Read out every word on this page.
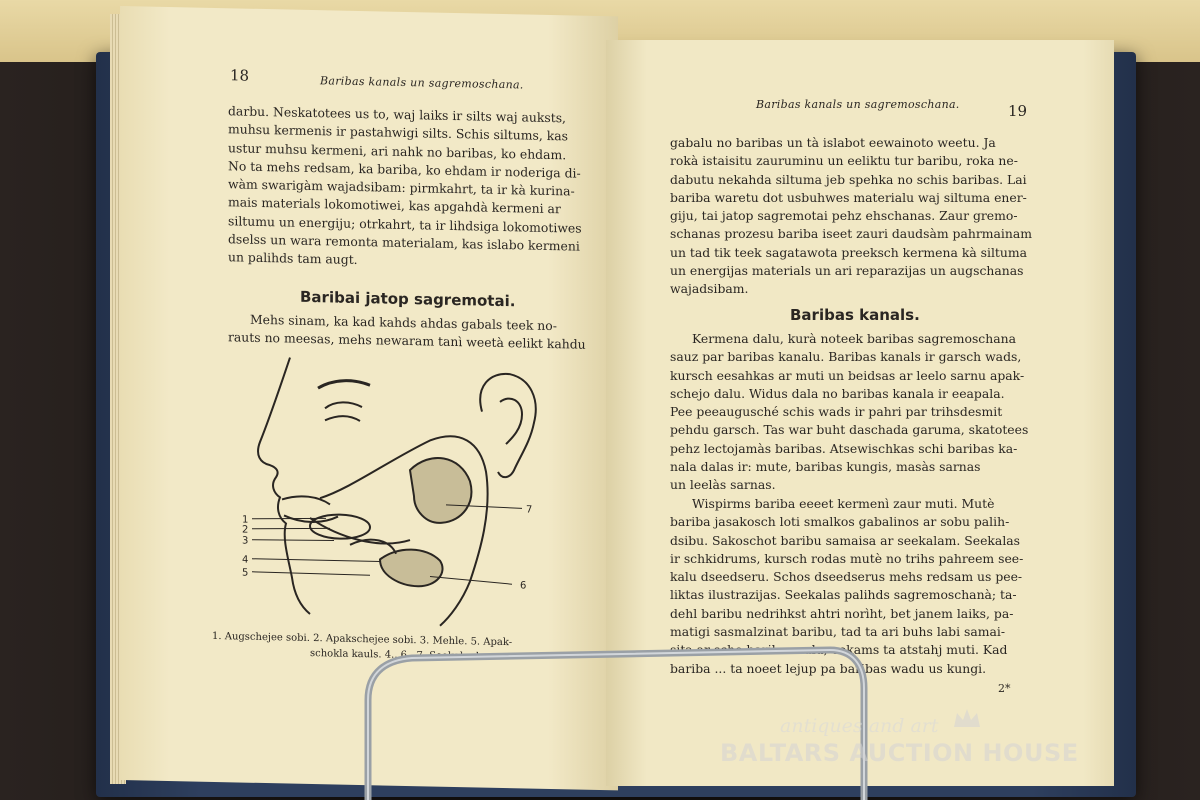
18	Baribas kanals un sagremoschana.

darbu. Neskatotees us to, waj laiks ir silts waj auksts,

muhsu kermenis ir pastahwigi silts. Schis siltums, kas

ustur muhsu kermeni, ari nahk no baribas, ko ehdam.

No ta mehs redsam, ka bariba, ko ehdam ir noderiga di-

wàm swarigàm wajadsibam: pirmkahrt, ta ir kà kurina-

mais materials lokomotiwei, kas apgahdà kermeni ar

siltumu un energiju; otrkahrt, ta ir lihdsiga lokomotiwes

dselss un wara remonta materialam, kas islabo kermeni

un palihds tam augt.

Baribai jatop sagremotai.

Mehs sinam, ka kad kahds ahdas gabals teek no-

rauts no meesas, mehs newaram tanì weetà eelikt kahdu

1
2
3
4
5
6
7
1. Augschejee sobi. 2. Apakschejee sobi. 3. Mehle. 5. Apak-
schokla kauls. 4., 6., 7. Seekalu d...
Baribas kanals un sagremoschana.	19

gabalu no baribas un tà islabot eewainoto weetu. Ja

rokà istaisitu zauruminu un eeliktu tur baribu, roka ne-

dabutu nekahda siltuma jeb spehka no schis baribas. Lai

bariba waretu dot usbuhwes materialu waj siltuma ener-

giju, tai jatop sagremotai pehz ehschanas. Zaur gremo-

schanas prozesu bariba iseet zauri daudsàm pahrmainam

un tad tik teek sagatawota preeksch kermena kà siltuma

un energijas materials un ari reparazijas un augschanas

wajadsibam.

Baribas kanals.

Kermena dalu, kurà noteek baribas sagremoschana

sauz par baribas kanalu. Baribas kanals ir garsch wads,

kursch eesahkas ar muti un beidsas ar leelo sarnu apak-

schejo dalu. Widus dala no baribas kanala ir eeapala.

Pee peeaugusché schis wads ir pahri par trihsdesmit

pehdu garsch. Tas war buht daschada garuma, skatotees

pehz lectojamàs baribas. Atsewischkas schi baribas ka-

nala dalas ir: mute, baribas kungis, masàs sarnas

un leelàs sarnas.

Wispirms bariba eeeet kermenì zaur muti. Mutè

bariba jasakosch loti smalkos gabalinos ar sobu palih-

dsibu. Sakoschot baribu samaisa ar seekalam. Seekalas

ir schkidrums, kursch rodas mutè no trihs pahreem see-

kalu dseedseru. Schos dseedserus mehs redsam us pee-

liktas ilustrazijas. Seekalas palihds sagremoschanà; ta-

dehl baribu nedrihkst ahtri norìht, bet janem laiks, pa-

matigi sasmalzinat baribu, tad ta ari buhs labi samai-

sita ar scho baribas sulu, eekams ta atstahj muti. Kad

bariba ... ta noeet lejup pa baribas wadu us kungi.

2*
antiques and art
BALTARS AUCTION HOUSE
